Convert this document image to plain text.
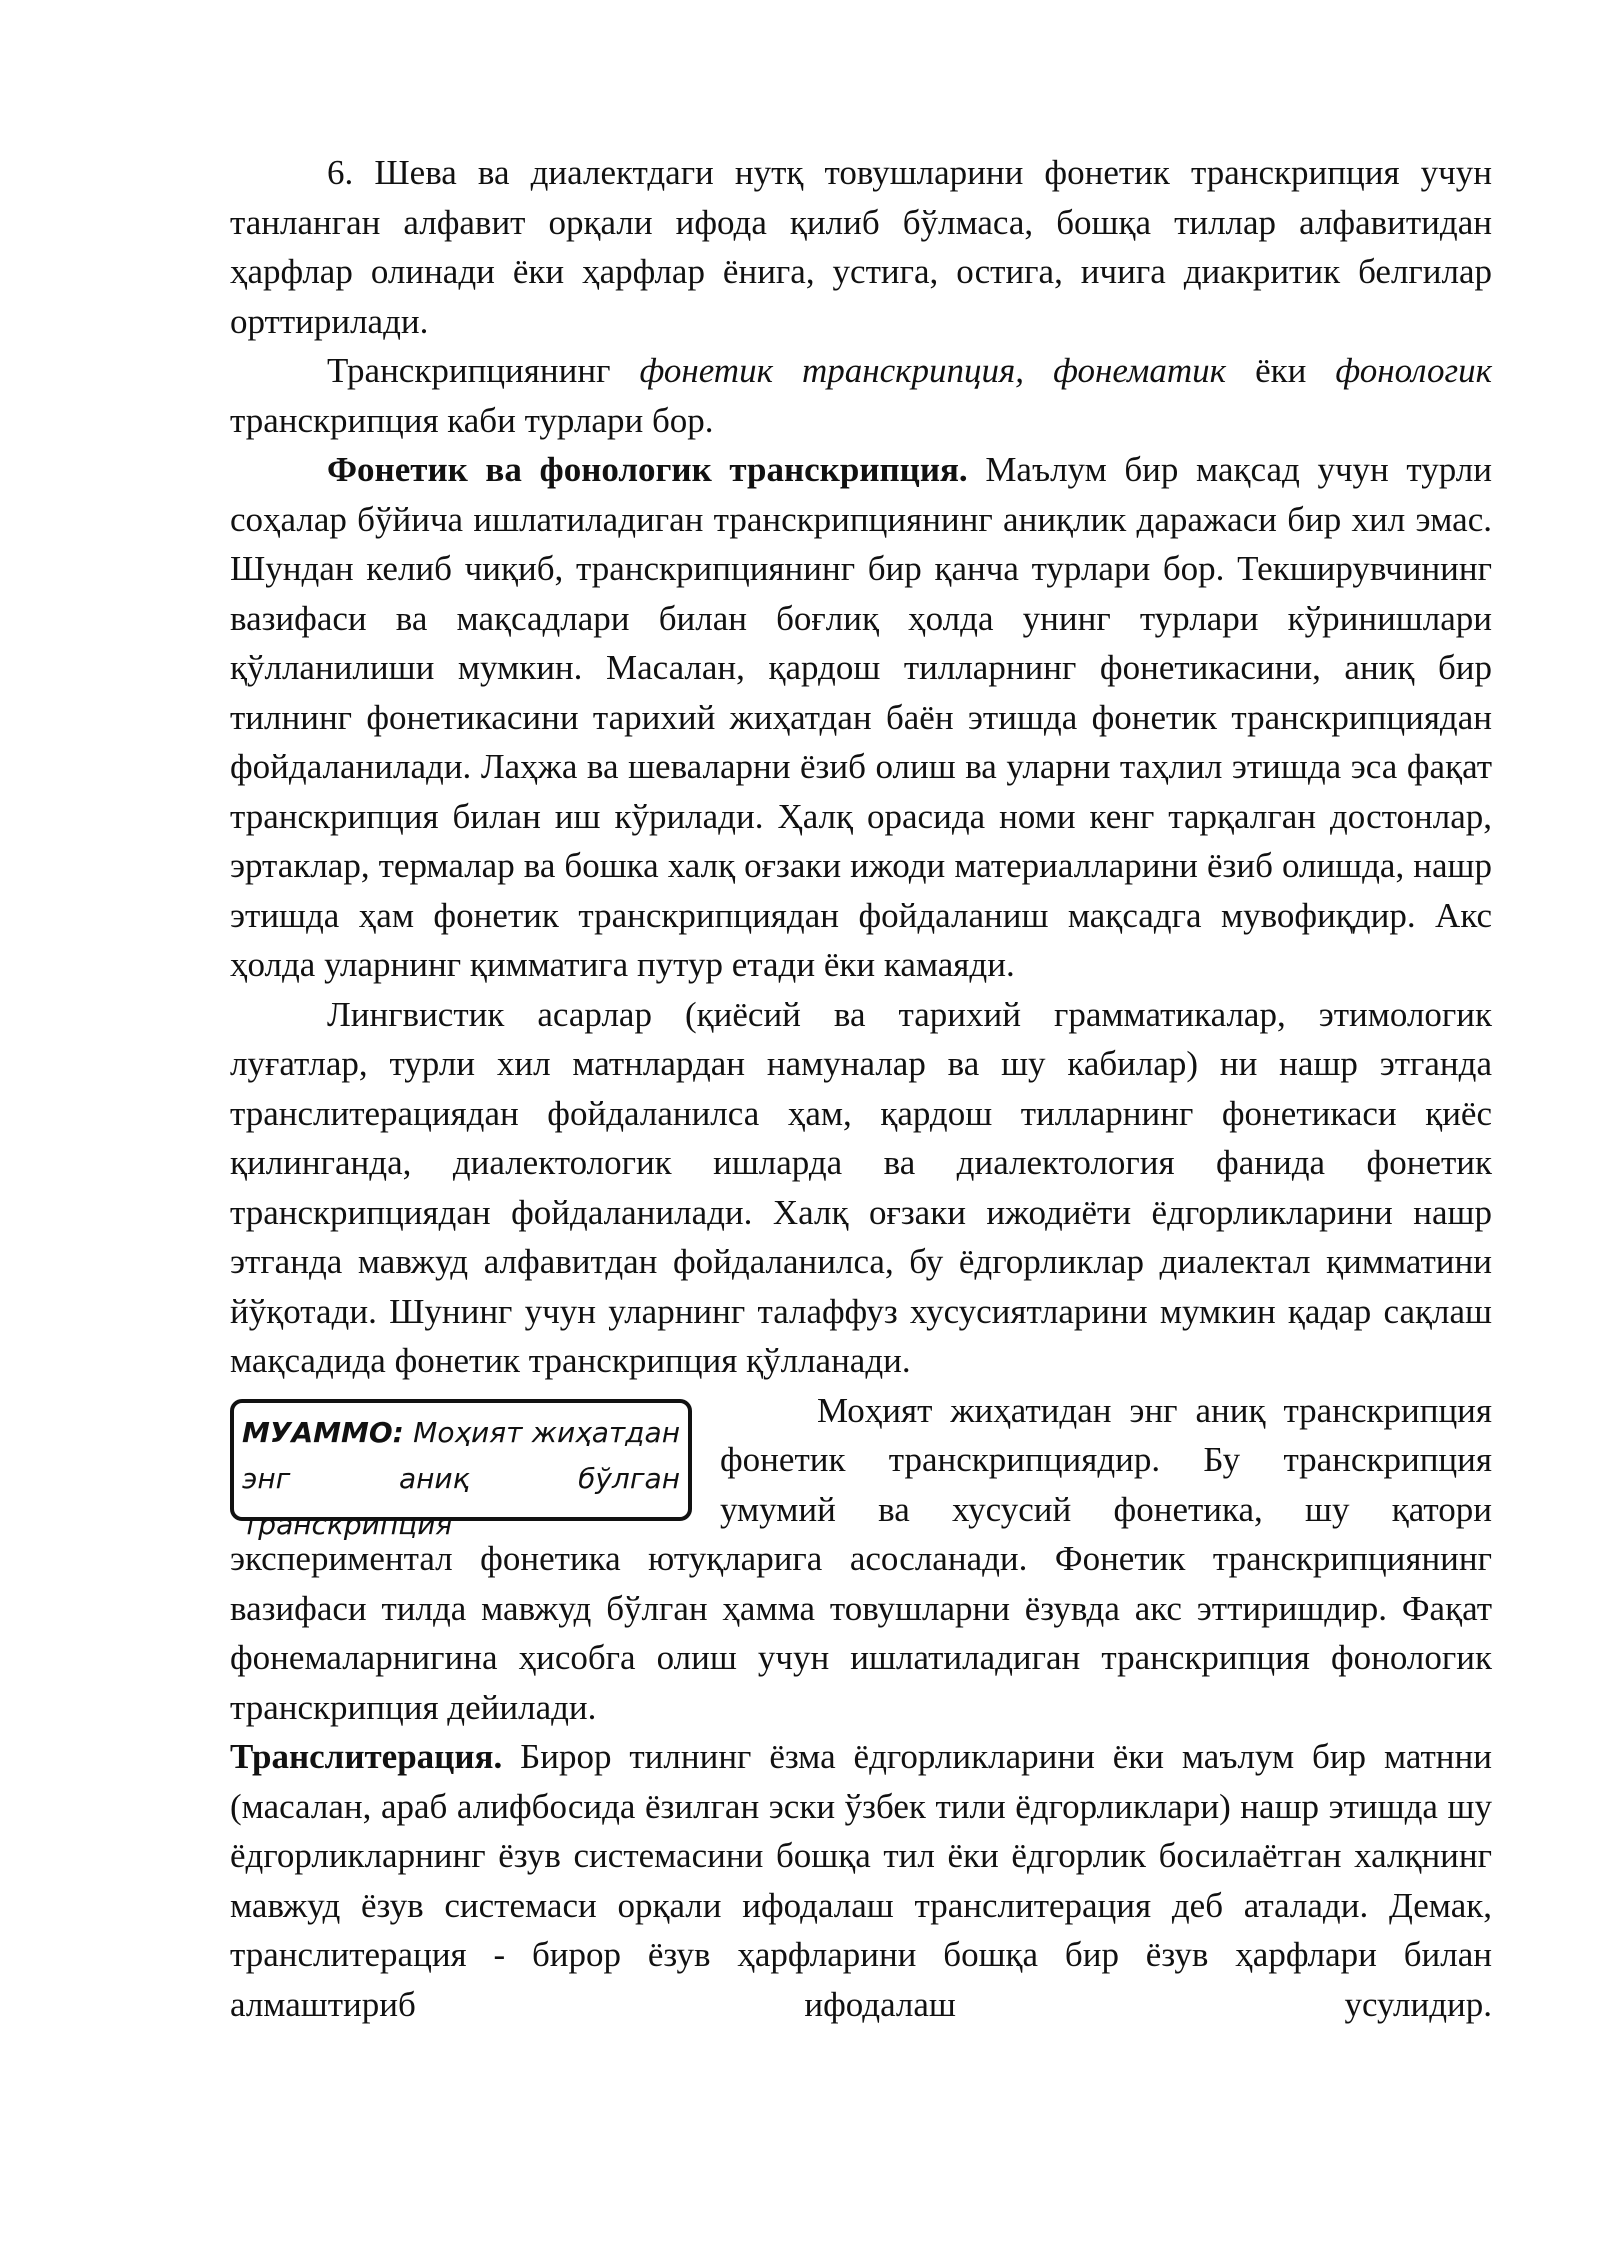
6. Шева ва диалектдаги нутқ товушларини фонетик транскрипция учун танланган алфавит орқали ифода қилиб бўлмаса, бошқа тиллар алфавитидан ҳарфлар олинади ёки ҳарфлар ёнига, устига, остига, ичига диакритик белгилар орттирилади.

Транскрипциянинг фонетик транскрипция, фонематик ёки фонологик транскрипция каби турлари бор.

Фонетик ва фонологик транскрипция. Маълум бир мақсад учун турли соҳалар бўйича ишлатиладиган транскрипциянинг аниқлик даражаси бир хил эмас. Шундан келиб чиқиб, транскрипциянинг бир қанча турлари бор. Текширувчининг вазифаси ва мақсадлари билан боғлиқ ҳолда унинг турлари кўринишлари қўлланилиши мумкин. Масалан, қардош тилларнинг фонетикасини, аниқ бир тилнинг фонетикасини тарихий жиҳатдан баён этишда фонетик транскрипциядан фойдаланилади. Лаҳжа ва шеваларни ёзиб олиш ва уларни таҳлил этишда эса фақат транскрипция билан иш кўрилади. Ҳалқ орасида номи кенг тарқалган достонлар, эртаклар, термалар ва бошка халқ оғзаки ижоди материалларини ёзиб олишда, нашр этишда ҳам фонетик транскрипциядан фойдаланиш мақсадга мувофиқдир. Акс ҳолда уларнинг қимматига путур етади ёки камаяди.

Лингвистик асарлар (қиёсий ва тарихий грамматикалар, этимологик луғатлар, турли хил матнлардан намуналар ва шу кабилар) ни нашр этганда транслитерациядан фойдаланилса ҳам, қардош тилларнинг фонетикаси қиёс қилинганда, диалектологик ишларда ва диалектология фанида фонетик транскрипциядан фойдаланилади. Халқ оғзаки ижодиёти ёдгорликларини нашр этганда мавжуд алфавитдан фойдаланилса, бу ёдгорликлар диалектал қимматини йўқотади. Шунинг учун уларнинг талаффуз хусусиятларини мумкин қадар сақлаш мақсадида фонетик транскрипция қўлланади.

МУАММО: Моҳият жиҳатдан энг аниқ бўлган транскрипция

Моҳият жиҳатидан энг аниқ транскрипция фонетик транскрипциядир. Бу транскрипция умумий ва хусусий фонетика, шу қатори экспериментал фонетика ютуқларига асосланади. Фонетик транскрипциянинг вазифаси тилда мавжуд бўлган ҳамма товушларни ёзувда акс эттиришдир. Фақат фонемаларнигина ҳисобга олиш учун ишлатиладиган транскрипция фонологик транскрипция дейилади.

Транслитерация. Бирор тилнинг ёзма ёдгорликларини ёки маълум бир матнни (масалан, араб алифбосида ёзилган эски ўзбек тили ёдгорликлари) нашр этишда шу ёдгорликларнинг ёзув системасини бошқа тил ёки ёдгорлик босилаётган халқнинг мавжуд ёзув системаси орқали ифодалаш транслитерация деб аталади. Демак, транслитерация - бирор ёзув ҳарфларини бошқа бир ёзув ҳарфлари билан алмаштириб ифодалаш усулидир.
